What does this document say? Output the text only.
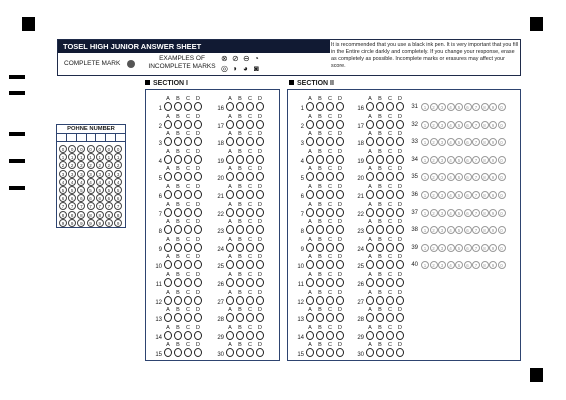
TOSEL HIGH JUNIOR ANSWER SHEET
COMPLETE MARK
EXAMPLES OF INCOMPLETE MARKS
⊗ ⊘ ⊖ ◔
◎ ◑ ◕ ◙
It is recommended that you use a black ink pen. It is very important that you fill in the Entire circle darkly and completely. If you change your response, erase as completely as possible. Incomplete marks or erasures may affect your score.
POHNE NUMBER
0	0	0	0	0	0	0
1	1	1	1	1	1	1
2	2	2	2	2	2	2
3	3	3	3	3	3	3
4	4	4	4	4	4	4
5	5	5	5	5	5	5
6	6	6	6	6	6	6
7	7	7	7	7	7	7
8	8	8	8	8	8	8
9	9	9	9	9	9	9
SECTION I	SECTION II
1
A	B	C	D
2
A	B	C	D
3
A	B	C	D
4
A	B	C	D
5
A	B	C	D
6
A	B	C	D
7
A	B	C	D
8
A	B	C	D
9
A	B	C	D
10
A	B	C	D
11
A	B	C	D
12
A	B	C	D
13
A	B	C	D
14
A	B	C	D
15
A	B	C	D
16
A	B	C	D
17
A	B	C	D
18
A	B	C	D
19
A	B	C	D
20
A	B	C	D
21
A	B	C	D
22
A	B	C	D
23
A	B	C	D
24
A	B	C	D
25
A	B	C	D
26
A	B	C	D
27
A	B	C	D
28
A	B	C	D
29
A	B	C	D
30
A	B	C	D
1
A	B	C	D
2
A	B	C	D
3
A	B	C	D
4
A	B	C	D
5
A	B	C	D
6
A	B	C	D
7
A	B	C	D
8
A	B	C	D
9
A	B	C	D
10
A	B	C	D
11
A	B	C	D
12
A	B	C	D
13
A	B	C	D
14
A	B	C	D
15
A	B	C	D
16
A	B	C	D
17
A	B	C	D
18
A	B	C	D
19
A	B	C	D
20
A	B	C	D
21
A	B	C	D
22
A	B	C	D
23
A	B	C	D
24
A	B	C	D
25
A	B	C	D
26
A	B	C	D
27
A	B	C	D
28
A	B	C	D
29
A	B	C	D
30
A	B	C	D
31	1	2	3	4	5	6	7	8	9	0
32	1	2	3	4	5	6	7	8	9	0
33	1	2	3	4	5	6	7	8	9	0
34	1	2	3	4	5	6	7	8	9	0
35	1	2	3	4	5	6	7	8	9	0
36	1	2	3	4	5	6	7	8	9	0
37	1	2	3	4	5	6	7	8	9	0
38	1	2	3	4	5	6	7	8	9	0
39	1	2	3	4	5	6	7	8	9	0
40	1	2	3	4	5	6	7	8	9	0
